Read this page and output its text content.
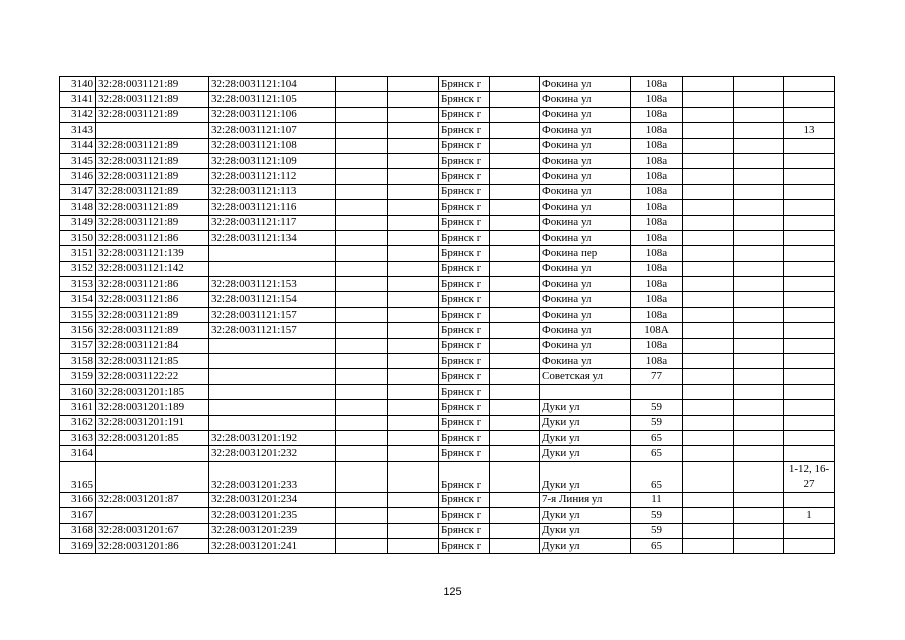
3140	32:28:0031121:89	32:28:0031121:104			Брянск г		Фокина ул	108а			
3141	32:28:0031121:89	32:28:0031121:105			Брянск г		Фокина ул	108а			
3142	32:28:0031121:89	32:28:0031121:106			Брянск г		Фокина ул	108а			
3143		32:28:0031121:107			Брянск г		Фокина ул	108а			13
3144	32:28:0031121:89	32:28:0031121:108			Брянск г		Фокина ул	108а			
3145	32:28:0031121:89	32:28:0031121:109			Брянск г		Фокина ул	108а			
3146	32:28:0031121:89	32:28:0031121:112			Брянск г		Фокина ул	108а			
3147	32:28:0031121:89	32:28:0031121:113			Брянск г		Фокина ул	108а			
3148	32:28:0031121:89	32:28:0031121:116			Брянск г		Фокина ул	108а			
3149	32:28:0031121:89	32:28:0031121:117			Брянск г		Фокина ул	108а			
3150	32:28:0031121:86	32:28:0031121:134			Брянск г		Фокина ул	108а			
3151	32:28:0031121:139				Брянск г		Фокина пер	108а			
3152	32:28:0031121:142				Брянск г		Фокина ул	108а			
3153	32:28:0031121:86	32:28:0031121:153			Брянск г		Фокина ул	108а			
3154	32:28:0031121:86	32:28:0031121:154			Брянск г		Фокина ул	108а			
3155	32:28:0031121:89	32:28:0031121:157			Брянск г		Фокина ул	108а			
3156	32:28:0031121:89	32:28:0031121:157			Брянск г		Фокина ул	108А			
3157	32:28:0031121:84				Брянск г		Фокина ул	108а			
3158	32:28:0031121:85				Брянск г		Фокина ул	108а			
3159	32:28:0031122:22				Брянск г		Советская ул	77			
3160	32:28:0031201:185				Брянск г						
3161	32:28:0031201:189				Брянск г		Дуки ул	59			
3162	32:28:0031201:191				Брянск г		Дуки ул	59			
3163	32:28:0031201:85	32:28:0031201:192			Брянск г		Дуки ул	65			
3164		32:28:0031201:232			Брянск г		Дуки ул	65			
3165		32:28:0031201:233			Брянск г		Дуки ул	65			1-12, 16-27
3166	32:28:0031201:87	32:28:0031201:234			Брянск г		7-я Линия ул	11			
3167		32:28:0031201:235			Брянск г		Дуки ул	59			1
3168	32:28:0031201:67	32:28:0031201:239			Брянск г		Дуки ул	59			
3169	32:28:0031201:86	32:28:0031201:241			Брянск г		Дуки ул	65			
125
